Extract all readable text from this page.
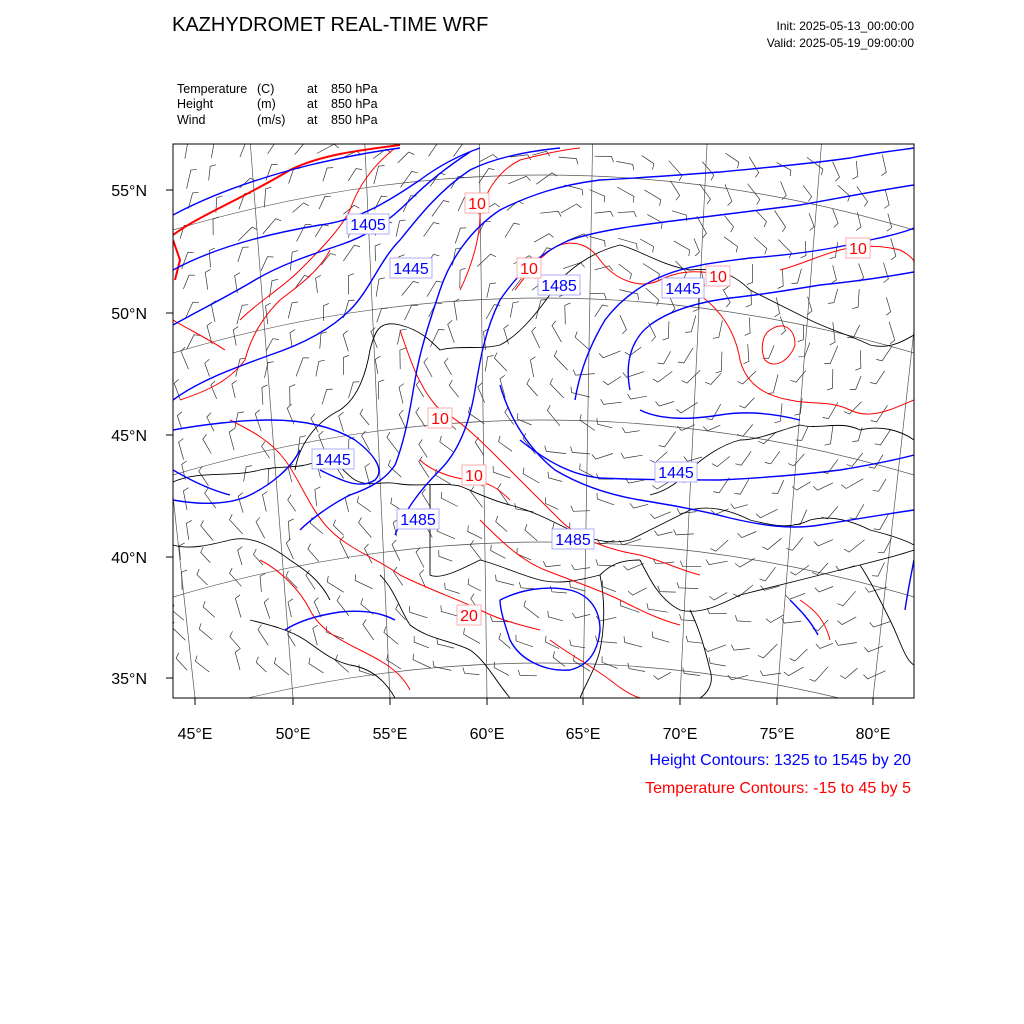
KAZHYDROMET REAL-TIME WRF	Init: 2025-05-13_00:00:00
Valid: 2025-05-19_09:00:00
Temperature (C)	at 850 hPa
Height	(m)	at 850 hPa
Wind	(m/s) at 850 hPa
55°N
50°N
45°N
40°N
35°N
45°E	50°E	55°E	60°E	65°E	70°E	75°E	80°E
1405
1445
1485	1445
1445
1485
1445
1485
10
10	10
10
10
10
20
Height Contours: 1325 to 1545 by 20
Temperature Contours: -15 to 45 by 5
